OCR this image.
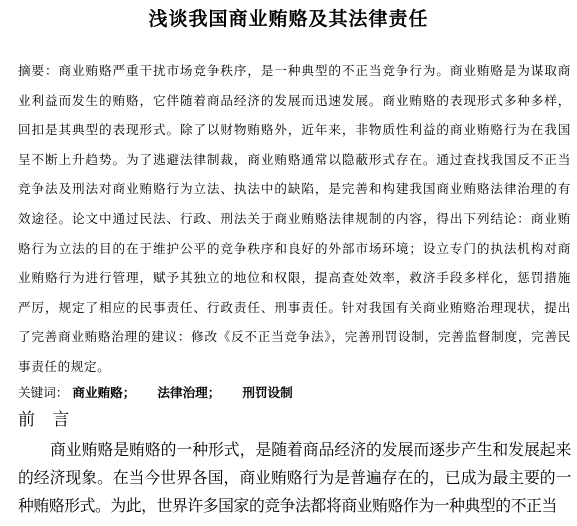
浅谈我国商业贿赂及其法律责任
摘要：商业贿赂严重干扰市场竞争秩序，是一种典型的不正当竞争行为。商业贿赂是为谋取商业利益而发生的贿赂，它伴随着商品经济的发展而迅速发展。商业贿赂的表现形式多种多样，回扣是其典型的表现形式。除了以财物贿赂外，近年来，非物质性利益的商业贿赂行为在我国呈不断上升趋势。为了逃避法律制裁，商业贿赂通常以隐蔽形式存在。通过查找我国反不正当竞争法及刑法对商业贿赂行为立法、执法中的缺陷，是完善和构建我国商业贿赂法律治理的有效途径。论文中通过民法、行政、刑法关于商业贿赂法律规制的内容，得出下列结论：商业贿赂行为立法的目的在于维护公平的竞争秩序和良好的外部市场环境；设立专门的执法机构对商业贿赂行为进行管理，赋予其独立的地位和权限，提高查处效率，救济手段多样化，惩罚措施严厉，规定了相应的民事责任、行政责任、刑事责任。针对我国有关商业贿赂治理现状，提出了完善商业贿赂治理的建议：修改《反不正当竞争法》，完善刑罚设制，完善监督制度，完善民事责任的规定。
关键词： 商业贿赂； 法律治理； 刑罚设制
前 言
商业贿赂是贿赂的一种形式，是随着商品经济的发展而逐步产生和发展起来的经济现象。在当今世界各国，商业贿赂行为是普遍存在的，已成为最主要的一种贿赂形式。为此，世界许多国家的竞争法都将商业贿赂作为一种典型的不正当
